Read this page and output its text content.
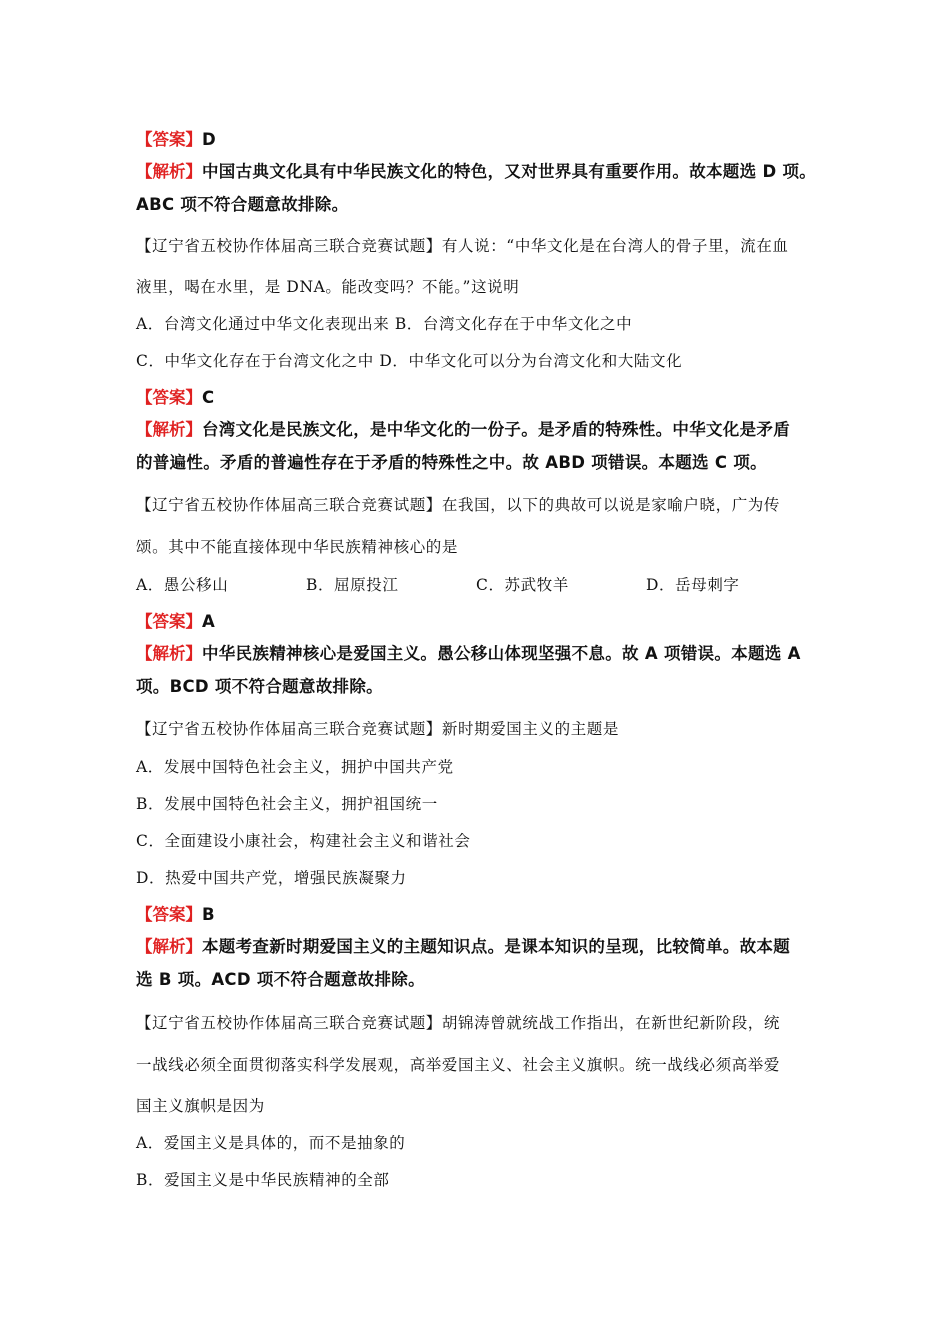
【答案】D
【解析】中国古典文化具有中华民族文化的特色，又对世界具有重要作用。故本题选 D 项。
ABC 项不符合题意故排除。
【辽宁省五校协作体届高三联合竞赛试题】有人说：“中华文化是在台湾人的骨子里，流在血
液里，喝在水里，是 DNA。能改变吗？不能。”这说明
A．台湾文化通过中华文化表现出来 B．台湾文化存在于中华文化之中
C．中华文化存在于台湾文化之中 D．中华文化可以分为台湾文化和大陆文化
【答案】C
【解析】台湾文化是民族文化，是中华文化的一份子。是矛盾的特殊性。中华文化是矛盾
的普遍性。矛盾的普遍性存在于矛盾的特殊性之中。故 ABD 项错误。本题选 C 项。
【辽宁省五校协作体届高三联合竞赛试题】在我国，以下的典故可以说是家喻户晓，广为传
颂。其中不能直接体现中华民族精神核心的是
A．愚公移山	B．屈原投江	C．苏武牧羊	D．岳母刺字
【答案】A
【解析】中华民族精神核心是爱国主义。愚公移山体现坚强不息。故 A 项错误。本题选 A
项。BCD 项不符合题意故排除。
【辽宁省五校协作体届高三联合竞赛试题】新时期爱国主义的主题是
A．发展中国特色社会主义，拥护中国共产党
B．发展中国特色社会主义，拥护祖国统一
C．全面建设小康社会，构建社会主义和谐社会
D．热爱中国共产党，增强民族凝聚力
【答案】B
【解析】本题考查新时期爱国主义的主题知识点。是课本知识的呈现，比较简单。故本题
选 B 项。ACD 项不符合题意故排除。
【辽宁省五校协作体届高三联合竞赛试题】胡锦涛曾就统战工作指出，在新世纪新阶段，统
一战线必须全面贯彻落实科学发展观，高举爱国主义、社会主义旗帜。统一战线必须高举爱
国主义旗帜是因为
A．爱国主义是具体的，而不是抽象的
B．爱国主义是中华民族精神的全部
